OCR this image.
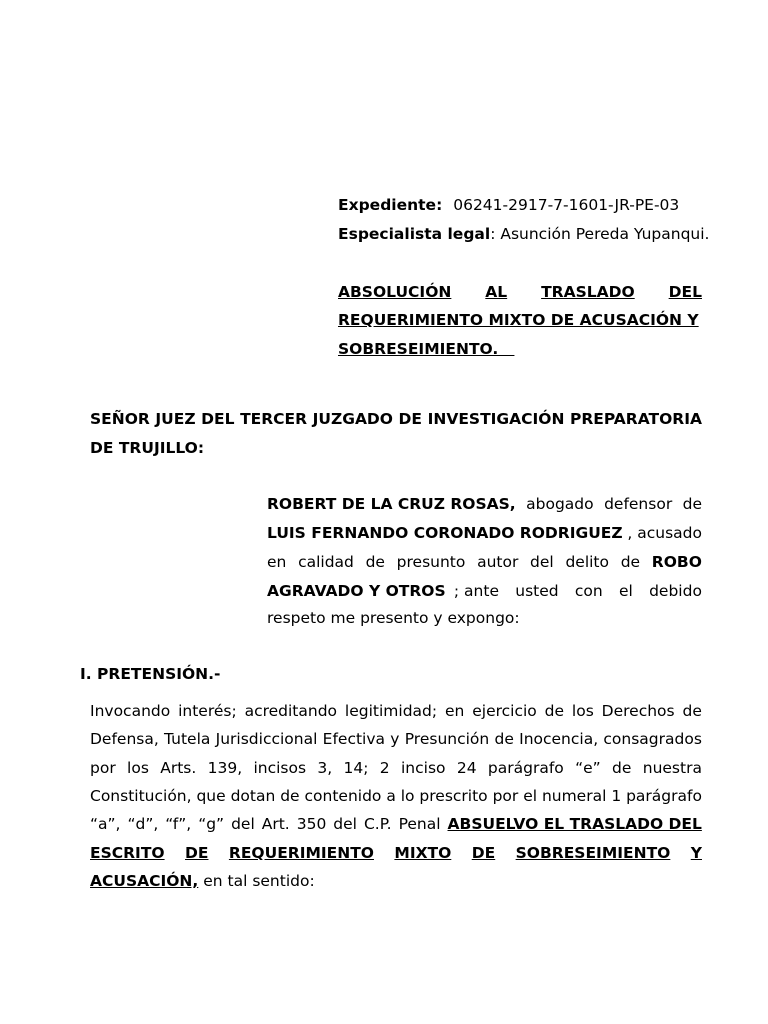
Expediente: 06241-2917-7-1601-JR-PE-03
Especialista legal: Asunción Pereda Yupanqui.
ABSOLUCIÓN AL TRASLADO DEL
REQUERIMIENTO MIXTO DE ACUSACIÓN Y
SOBRESEIMIENTO.
SEÑOR JUEZ DEL TERCER JUZGADO DE INVESTIGACIÓN PREPARATORIA
DE TRUJILLO:
ROBERT DE LA CRUZ ROSAS, abogado defensor de
LUIS FERNANDO CORONADO RODRIGUEZ , acusado
en calidad de presunto autor del delito de ROBO
AGRAVADO Y OTROS ; ante usted con el debido
respeto me presento y expongo:
I. PRETENSIÓN.-
Invocando interés; acreditando legitimidad; en ejercicio de los Derechos de
Defensa, Tutela Jurisdiccional Efectiva y Presunción de Inocencia, consagrados
por los Arts. 139, incisos 3, 14; 2 inciso 24 parágrafo “e” de nuestra
Constitución, que dotan de contenido a lo prescrito por el numeral 1 parágrafo
“a”, “d”, “f”, “g” del Art. 350 del C.P. Penal ABSUELVO EL TRASLADO DEL
ESCRITO DE REQUERIMIENTO MIXTO DE SOBRESEIMIENTO Y
ACUSACIÓN, en tal sentido:
